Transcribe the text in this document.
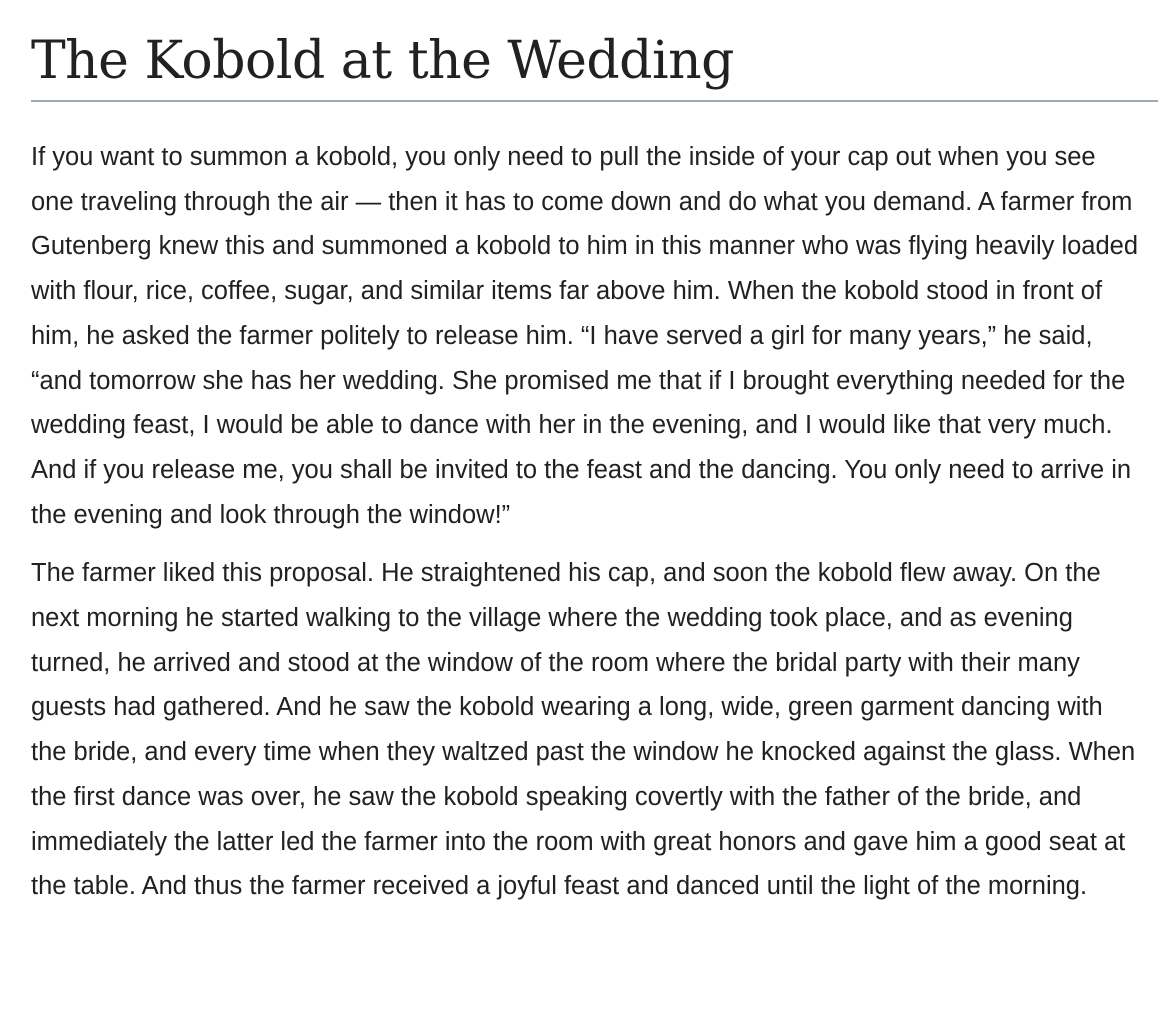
The Kobold at the Wedding

If you want to summon a kobold, you only need to pull the inside of your cap out when you see one traveling through the air — then it has to come down and do what you demand. A farmer from Gutenberg knew this and summoned a kobold to him in this manner who was flying heavily loaded with flour, rice, coffee, sugar, and similar items far above him. When the kobold stood in front of him, he asked the farmer politely to release him. “I have served a girl for many years,” he said, “and tomorrow she has her wedding. She promised me that if I brought everything needed for the wedding feast, I would be able to dance with her in the evening, and I would like that very much. And if you release me, you shall be invited to the feast and the dancing. You only need to arrive in the evening and look through the window!”

The farmer liked this proposal. He straightened his cap, and soon the kobold flew away. On the next morning he started walking to the village where the wedding took place, and as evening turned, he arrived and stood at the window of the room where the bridal party with their many guests had gathered. And he saw the kobold wearing a long, wide, green garment dancing with the bride, and every time when they waltzed past the window he knocked against the glass. When the first dance was over, he saw the kobold speaking covertly with the father of the bride, and immediately the latter led the farmer into the room with great honors and gave him a good seat at the table. And thus the farmer received a joyful feast and danced until the light of the morning.
